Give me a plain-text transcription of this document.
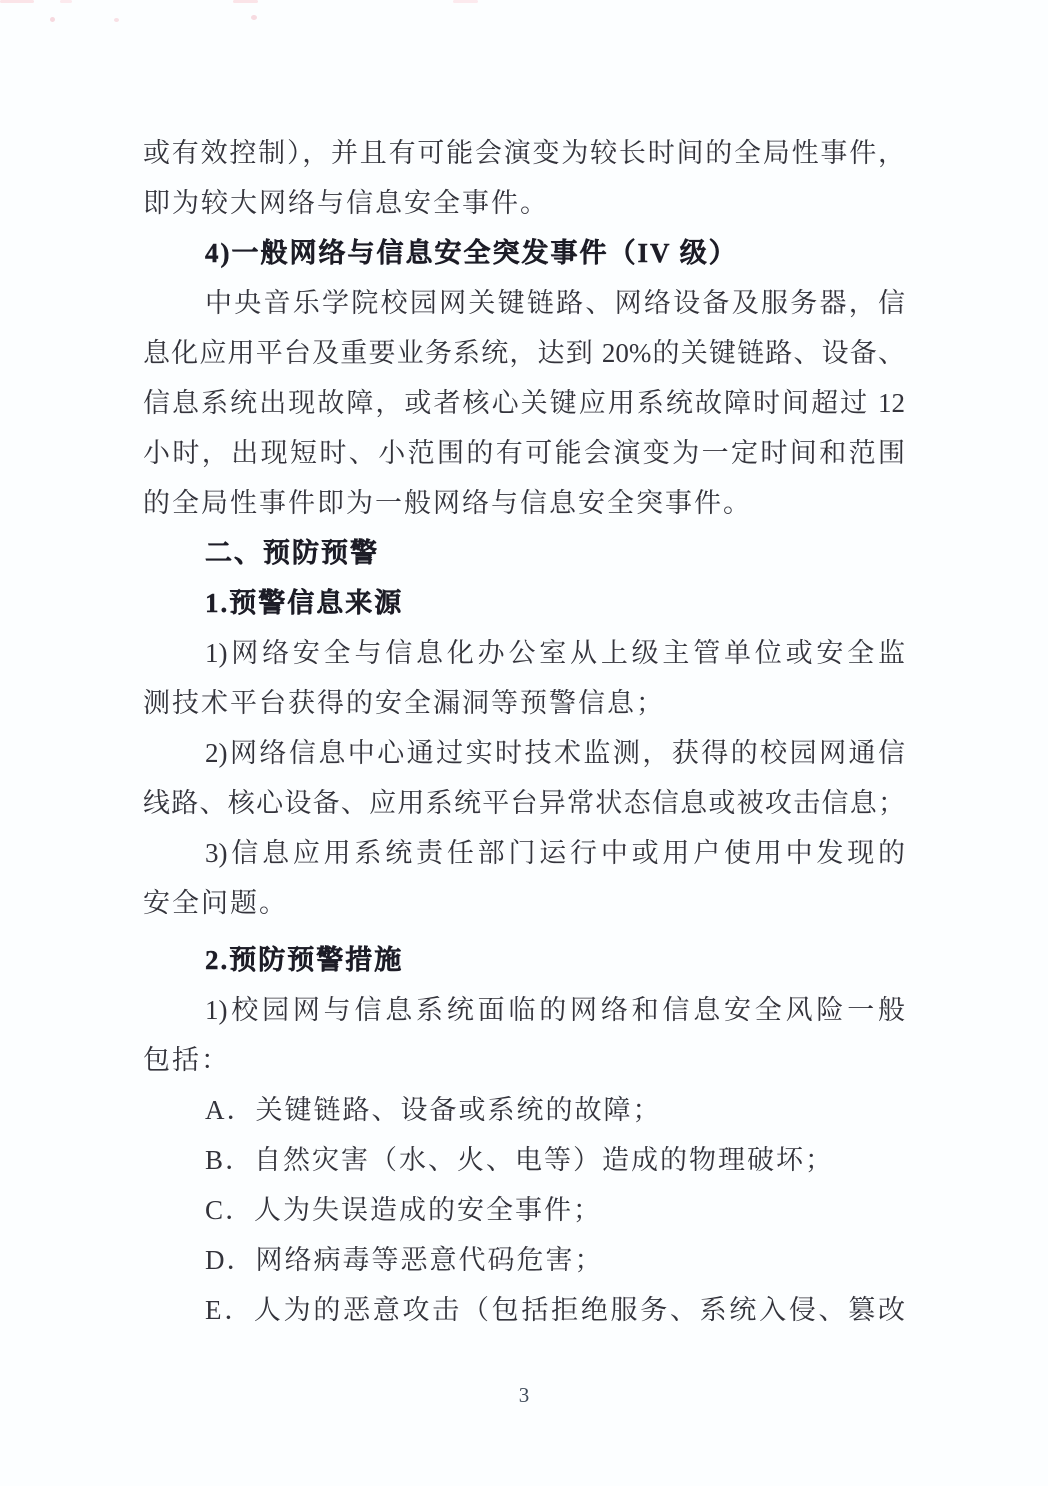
或有效控制），并且有可能会演变为较长时间的全局性事件，
即为较大网络与信息安全事件。
4)一般网络与信息安全突发事件（IV 级）
中央音乐学院校园网关键链路、网络设备及服务器，信
息化应用平台及重要业务系统，达到 20%的关键链路、设备、
信息系统出现故障，或者核心关键应用系统故障时间超过 12
小时，出现短时、小范围的有可能会演变为一定时间和范围
的全局性事件即为一般网络与信息安全突事件。
二、预防预警
1.预警信息来源
1)网络安全与信息化办公室从上级主管单位或安全监
测技术平台获得的安全漏洞等预警信息；
2)网络信息中心通过实时技术监测，获得的校园网通信
线路、核心设备、应用系统平台异常状态信息或被攻击信息；
3)信息应用系统责任部门运行中或用户使用中发现的
安全问题。
2.预防预警措施
1)校园网与信息系统面临的网络和信息安全风险一般
包括：
A．关键链路、设备或系统的故障；
B．自然灾害（水、火、电等）造成的物理破坏；
C．人为失误造成的安全事件；
D．网络病毒等恶意代码危害；
E．人为的恶意攻击（包括拒绝服务、系统入侵、篡改
3
